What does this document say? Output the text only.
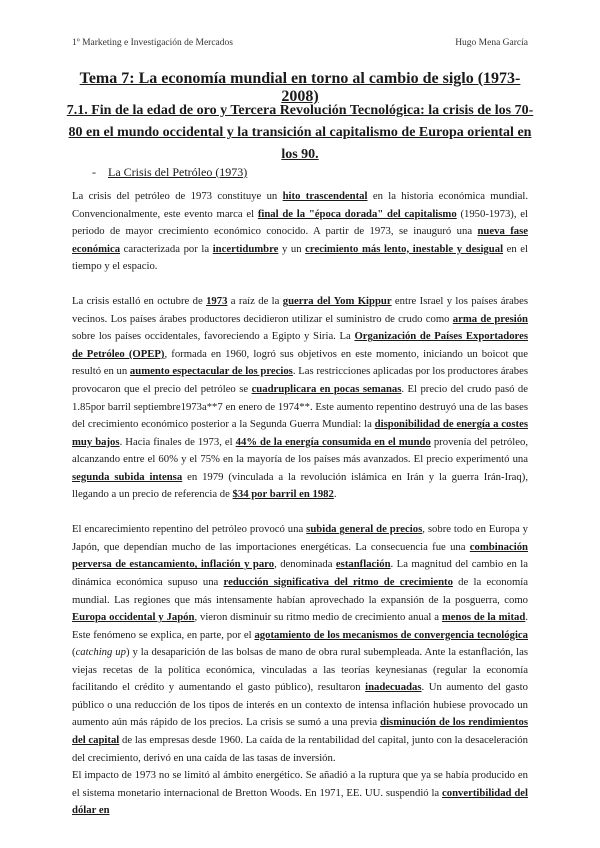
1º Marketing e Investigación de Mercados	Hugo Mena García
Tema 7: La economía mundial en torno al cambio de siglo (1973-2008)
7.1. Fin de la edad de oro y Tercera Revolución Tecnológica: la crisis de los 70-80 en el mundo occidental y la transición al capitalismo de Europa oriental en los 90.
- La Crisis del Petróleo (1973)

La crisis del petróleo de 1973 constituye un hito trascendental en la historia económica mundial. Convencionalmente, este evento marca el final de la "época dorada" del capitalismo (1950-1973), el periodo de mayor crecimiento económico conocido. A partir de 1973, se inauguró una nueva fase económica caracterizada por la incertidumbre y un crecimiento más lento, inestable y desigual en el tiempo y el espacio.

La crisis estalló en octubre de 1973 a raíz de la guerra del Yom Kippur entre Israel y los países árabes vecinos. Los países árabes productores decidieron utilizar el suministro de crudo como arma de presión sobre los países occidentales, favoreciendo a Egipto y Siria. La Organización de Países Exportadores de Petróleo (OPEP), formada en 1960, logró sus objetivos en este momento, iniciando un boicot que resultó en un aumento espectacular de los precios. Las restricciones aplicadas por los productores árabes provocaron que el precio del petróleo se cuadruplicara en pocas semanas. El precio del crudo pasó de 1.85por barril septiembre1973a**7 en enero de 1974**. Este aumento repentino destruyó una de las bases del crecimiento económico posterior a la Segunda Guerra Mundial: la disponibilidad de energía a costes muy bajos. Hacia finales de 1973, el 44% de la energía consumida en el mundo provenía del petróleo, alcanzando entre el 60% y el 75% en la mayoría de los países más avanzados. El precio experimentó una segunda subida intensa en 1979 (vinculada a la revolución islámica en Irán y la guerra Irán-Iraq), llegando a un precio de referencia de $34 por barril en 1982.

El encarecimiento repentino del petróleo provocó una subida general de precios, sobre todo en Europa y Japón, que dependían mucho de las importaciones energéticas. La consecuencia fue una combinación perversa de estancamiento, inflación y paro, denominada estanflación. La magnitud del cambio en la dinámica económica supuso una reducción significativa del ritmo de crecimiento de la economía mundial. Las regiones que más intensamente habían aprovechado la expansión de la posguerra, como Europa occidental y Japón, vieron disminuir su ritmo medio de crecimiento anual a menos de la mitad. Este fenómeno se explica, en parte, por el agotamiento de los mecanismos de convergencia tecnológica (catching up) y la desaparición de las bolsas de mano de obra rural subempleada. Ante la estanflación, las viejas recetas de la política económica, vinculadas a las teorías keynesianas (regular la economía facilitando el crédito y aumentando el gasto público), resultaron inadecuadas. Un aumento del gasto público o una reducción de los tipos de interés en un contexto de intensa inflación hubiese provocado un aumento aún más rápido de los precios. La crisis se sumó a una previa disminución de los rendimientos del capital de las empresas desde 1960. La caída de la rentabilidad del capital, junto con la desaceleración del crecimiento, derivó en una caída de las tasas de inversión.

El impacto de 1973 no se limitó al ámbito energético. Se añadió a la ruptura que ya se había producido en el sistema monetario internacional de Bretton Woods. En 1971, EE. UU. suspendió la convertibilidad del dólar en
